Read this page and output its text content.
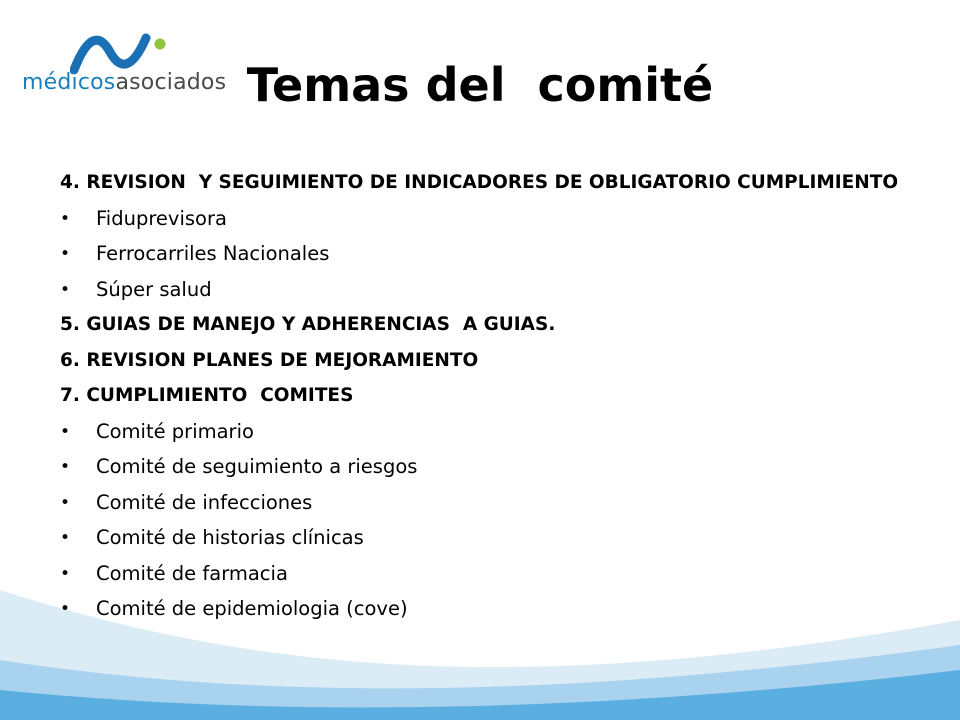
médicosasociados Temas del  comité
4. REVISION  Y SEGUIMIENTO DE INDICADORES DE OBLIGATORIO CUMPLIMIENTO
•	Fiduprevisora
•	Ferrocarriles Nacionales
•	Súper salud
5. GUIAS DE MANEJO Y ADHERENCIAS  A GUIAS.
6. REVISION PLANES DE MEJORAMIENTO
7. CUMPLIMIENTO  COMITES
•	Comité primario
•	Comité de seguimiento a riesgos
•	Comité de infecciones
•	Comité de historias clínicas
•	Comité de farmacia
•	Comité de epidemiologia (cove)
